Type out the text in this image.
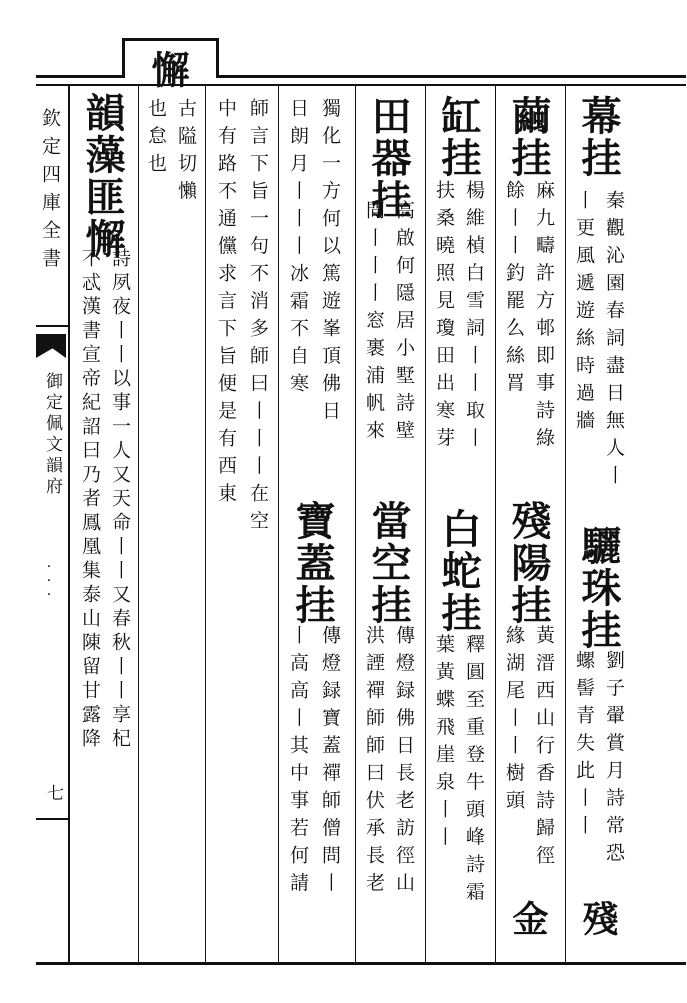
欽定四庫全書
御定佩文韻府
·
·
·
七
幕挂
秦觀沁園春詞盡日無人丨
丨更風遞遊絲時過牆
驪珠挂
劉子翬賞月詩常恐
螺髻青失此丨丨
殘
繭挂
麻九疇許方邨即事詩綠
餘丨丨釣罷么絲罥
殘陽挂
黃溍西山行香詩歸徑
緣湖尾丨丨樹頭
金
缸挂
楊維楨白雪詞丨丨取丨
扶桑曉照見瓊田出寒芽
白蛇挂
釋圓至重登牛頭峰詩霜
葉黃蝶飛崖泉丨丨
田器挂
高啟何隱居小墅詩壁
間丨丨丨窓裹浦帆來
當空挂
傳燈録佛日長老訪徑山
洪諲禪師師曰伏承長老
獨化一方何以篤遊峯頂佛日
日朗月丨丨丨冰霜不自寒
寶蓋挂
傳燈録寶蓋禪師僧問丨
丨高高丨其中事若何請
師言下旨一句不消多師曰丨丨丨在空
中有路不通儻求言下旨便是有西東
懈
古隘切懶
也怠也
韻藻匪懈
詩夙夜丨丨以事一人又天命丨丨又春秋丨丨享杞
不忒漢書宣帝紀詔曰乃者鳳凰集泰山陳留甘露降
